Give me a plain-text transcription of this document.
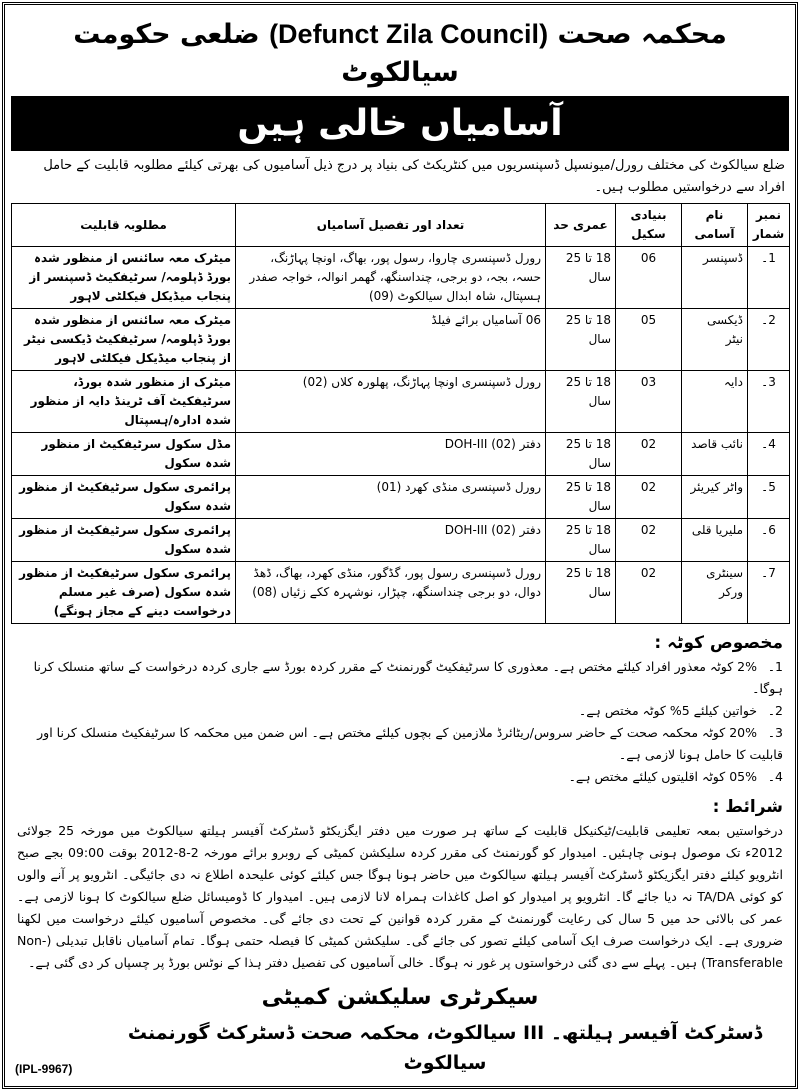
محکمہ صحت (Defunct Zila Council) ضلعی حکومت سیالکوٹ
آسامیاں خالی ہیں
ضلع سیالکوٹ کی مختلف رورل/میونسپل ڈسپنسریوں میں کنٹریکٹ کی بنیاد پر درج ذیل آسامیوں کی بھرتی کیلئے مطلوبہ قابلیت کے حامل افراد سے درخواستیں مطلوب ہیں۔
نمبر شمار	نام آسامی	بنیادی سکیل	عمری حد	تعداد اور تفصیل آسامیاں	مطلوبہ قابلیت
1۔	ڈسپنسر	06	18 تا 25 سال	رورل ڈسپنسری چاروا، رسول پور، بھاگ، اونچا پہاڑنگ، حسہ، بجہ، دو برجی، چنداسنگھ، گھمر انوالہ، خواجہ صفدر ہسپتال، شاہ ابدال سیالکوٹ (09)	میٹرک معہ سائنس از منظور شدہ بورڈ ڈپلومہ/ سرٹیفکیٹ ڈسپنسر از پنجاب میڈیکل فیکلٹی لاہور
2۔	ڈیکسی نیٹر	05	18 تا 25 سال	06 آسامیاں برائے فیلڈ	میٹرک معہ سائنس از منظور شدہ بورڈ ڈپلومہ/ سرٹیفکیٹ ڈیکسی نیٹر از پنجاب میڈیکل فیکلٹی لاہور
3۔	دایہ	03	18 تا 25 سال	رورل ڈسپنسری اونچا پہاڑنگ، پھلورہ کلاں (02)	میٹرک از منظور شدہ بورڈ، سرٹیفکیٹ آف ٹرینڈ دایہ از منظور شدہ ادارہ/ہسپتال
4۔	نائب قاصد	02	18 تا 25 سال	دفتر DOH-III (02)	مڈل سکول سرٹیفکیٹ از منظور شدہ سکول
5۔	واٹر کیریئر	02	18 تا 25 سال	رورل ڈسپنسری منڈی کھرد (01)	پرائمری سکول سرٹیفکیٹ از منظور شدہ سکول
6۔	ملیریا قلی	02	18 تا 25 سال	دفتر DOH-III (02)	پرائمری سکول سرٹیفکیٹ از منظور شدہ سکول
7۔	سینٹری ورکر	02	18 تا 25 سال	رورل ڈسپنسری رسول پور، گڈگور، منڈی کھرد، بھاگ، ڈھڈ دوال، دو برجی چنداسنگھ، چپڑار، نوشہرہ ککے زئیاں (08)	پرائمری سکول سرٹیفکیٹ از منظور شدہ سکول (صرف غیر مسلم درخواست دینے کے مجاز ہونگے)
مخصوص کوٹہ :
1۔2% کوٹہ معذور افراد کیلئے مختص ہے۔ معذوری کا سرٹیفکیٹ گورنمنٹ کے مقرر کردہ بورڈ سے جاری کردہ درخواست کے ساتھ منسلک کرنا ہوگا۔
2۔خواتین کیلئے 5% کوٹہ مختص ہے۔
3۔20% کوٹہ محکمہ صحت کے حاضر سروس/ریٹائرڈ ملازمین کے بچوں کیلئے مختص ہے۔ اس ضمن میں محکمہ کا سرٹیفکیٹ منسلک کرنا اور قابلیت کا حامل ہونا لازمی ہے۔
4۔05% کوٹہ اقلیتوں کیلئے مختص ہے۔
شرائط :
درخواستیں بمعہ تعلیمی قابلیت/ٹیکنیکل قابلیت کے ساتھ ہر صورت میں دفتر ایگزیکٹو ڈسٹرکٹ آفیسر ہیلتھ سیالکوٹ میں مورخہ 25 جولائی 2012ء تک موصول ہونی چاہئیں۔ امیدوار کو گورنمنٹ کی مقرر کردہ سلیکشن کمیٹی کے روبرو برائے مورخہ 2-8-2012 بوقت 09:00 بجے صبح انٹرویو کیلئے دفتر ایگزیکٹو ڈسٹرکٹ آفیسر ہیلتھ سیالکوٹ میں حاضر ہونا ہوگا جس کیلئے کوئی علیحدہ اطلاع نہ دی جائیگی۔ انٹرویو پر آنے والوں کو کوئی TA/DA نہ دیا جائے گا۔ انٹرویو پر امیدوار کو اصل کاغذات ہمراہ لانا لازمی ہیں۔ امیدوار کا ڈومیسائل ضلع سیالکوٹ کا ہونا لازمی ہے۔ عمر کی بالائی حد میں 5 سال کی رعایت گورنمنٹ کے مقرر کردہ قوانین کے تحت دی جائے گی۔ مخصوص آسامیوں کیلئے درخواست میں لکھنا ضروری ہے۔ ایک درخواست صرف ایک آسامی کیلئے تصور کی جائے گی۔ سلیکشن کمیٹی کا فیصلہ حتمی ہوگا۔ تمام آسامیاں ناقابل تبدیلی (Non-Transferable) ہیں۔ پہلے سے دی گئی درخواستوں پر غور نہ ہوگا۔ خالی آسامیوں کی تفصیل دفتر ہذا کے نوٹس بورڈ پر چسپاں کر دی گئی ہے۔
سیکرٹری سلیکشن کمیٹی
ڈسٹرکٹ آفیسر ہیلتھ۔ III سیالکوٹ، محکمہ صحت ڈسٹرکٹ گورنمنٹ سیالکوٹ
(IPL-9967)
